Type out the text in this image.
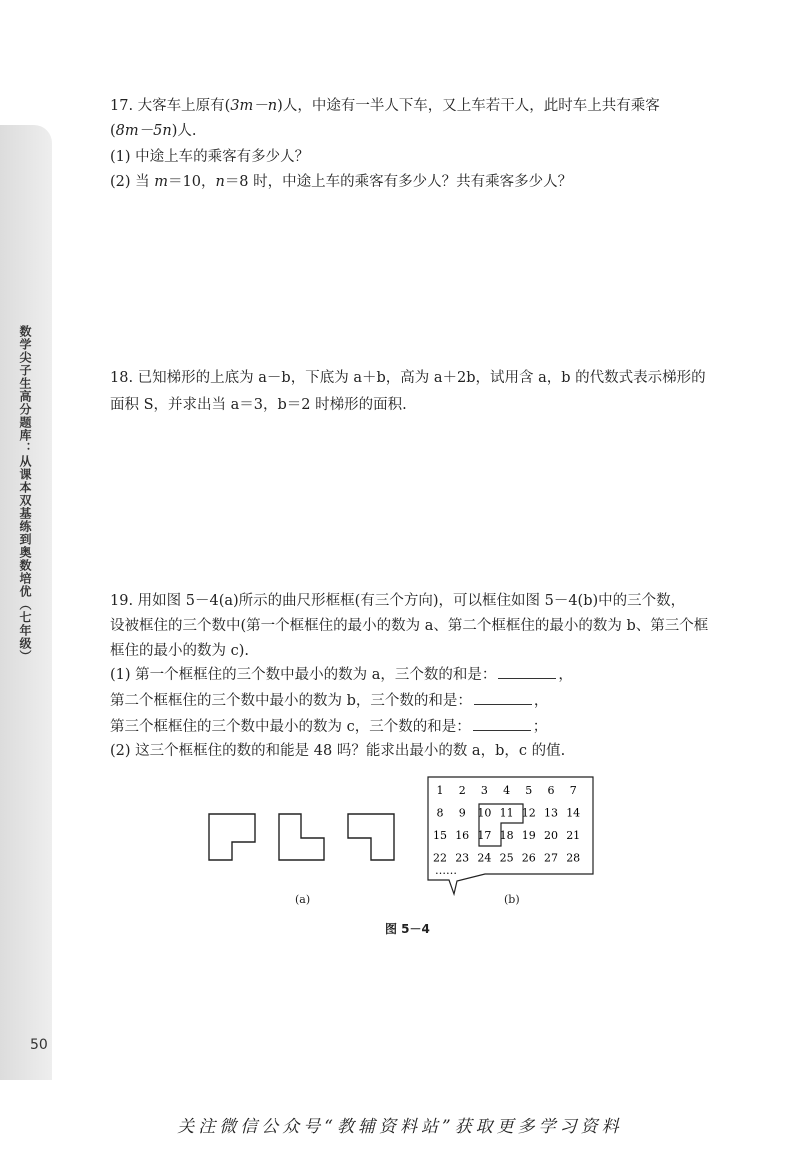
数学尖子生高分题库：从课本双基练到奥数培优（七年级）
50
17. 大客车上原有(3m－n)人，中途有一半人下车，又上车若干人，此时车上共有乘客
(8m－5n)人.
(1) 中途上车的乘客有多少人？
(2) 当 m＝10，n＝8 时，中途上车的乘客有多少人？共有乘客多少人？
18. 已知梯形的上底为 a－b，下底为 a＋b，高为 a＋2b，试用含 a，b 的代数式表示梯形的
面积 S，并求出当 a＝3，b＝2 时梯形的面积.
19. 用如图 5－4(a)所示的曲尺形框框(有三个方向)，可以框住如图 5－4(b)中的三个数，
设被框住的三个数中(第一个框框住的最小的数为 a、第二个框框住的最小的数为 b、第三个框
框住的最小的数为 c).
(1) 第一个框框住的三个数中最小的数为 a，三个数的和是：	，
第二个框框住的三个数中最小的数为 b，三个数的和是：	，
第三个框框住的三个数中最小的数为 c，三个数的和是：	；
(2) 这三个框框住的数的和能是 48 吗？能求出最小的数 a，b，c 的值.
(a)
1 2 3 4 5 6 7
8 9 10 11 12 13 14
15 16 17 18 19 20 21
22 23 24 25 26 27 28
……
(b)
图 5－4
关注微信公众号“教辅资料站”获取更多学习资料
